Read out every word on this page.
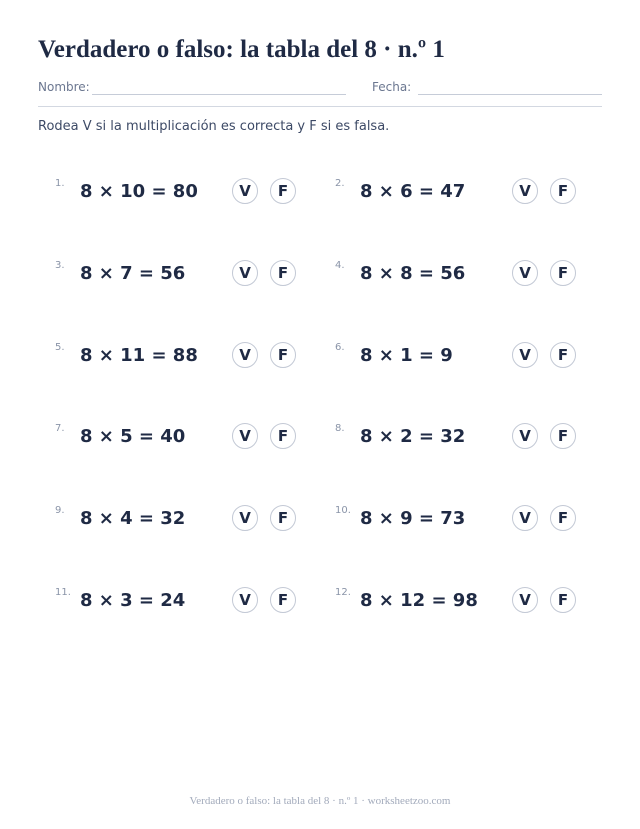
Verdadero o falso: la tabla del 8 · n.º 1
Nombre:	Fecha:
Rodea V si la multiplicación es correcta y F si es falsa.
1. 8 × 10 = 80	V	F	2. 8 × 6 = 47	V	F
3. 8 × 7 = 56	V	F	4. 8 × 8 = 56	V	F
5. 8 × 11 = 88	V	F	6. 8 × 1 = 9	V	F
7. 8 × 5 = 40	V	F	8. 8 × 2 = 32	V	F
9. 8 × 4 = 32	V	F	10. 8 × 9 = 73	V	F
11. 8 × 3 = 24	V	F	12. 8 × 12 = 98	V	F
Verdadero o falso: la tabla del 8 · n.º 1 · worksheetzoo.com
